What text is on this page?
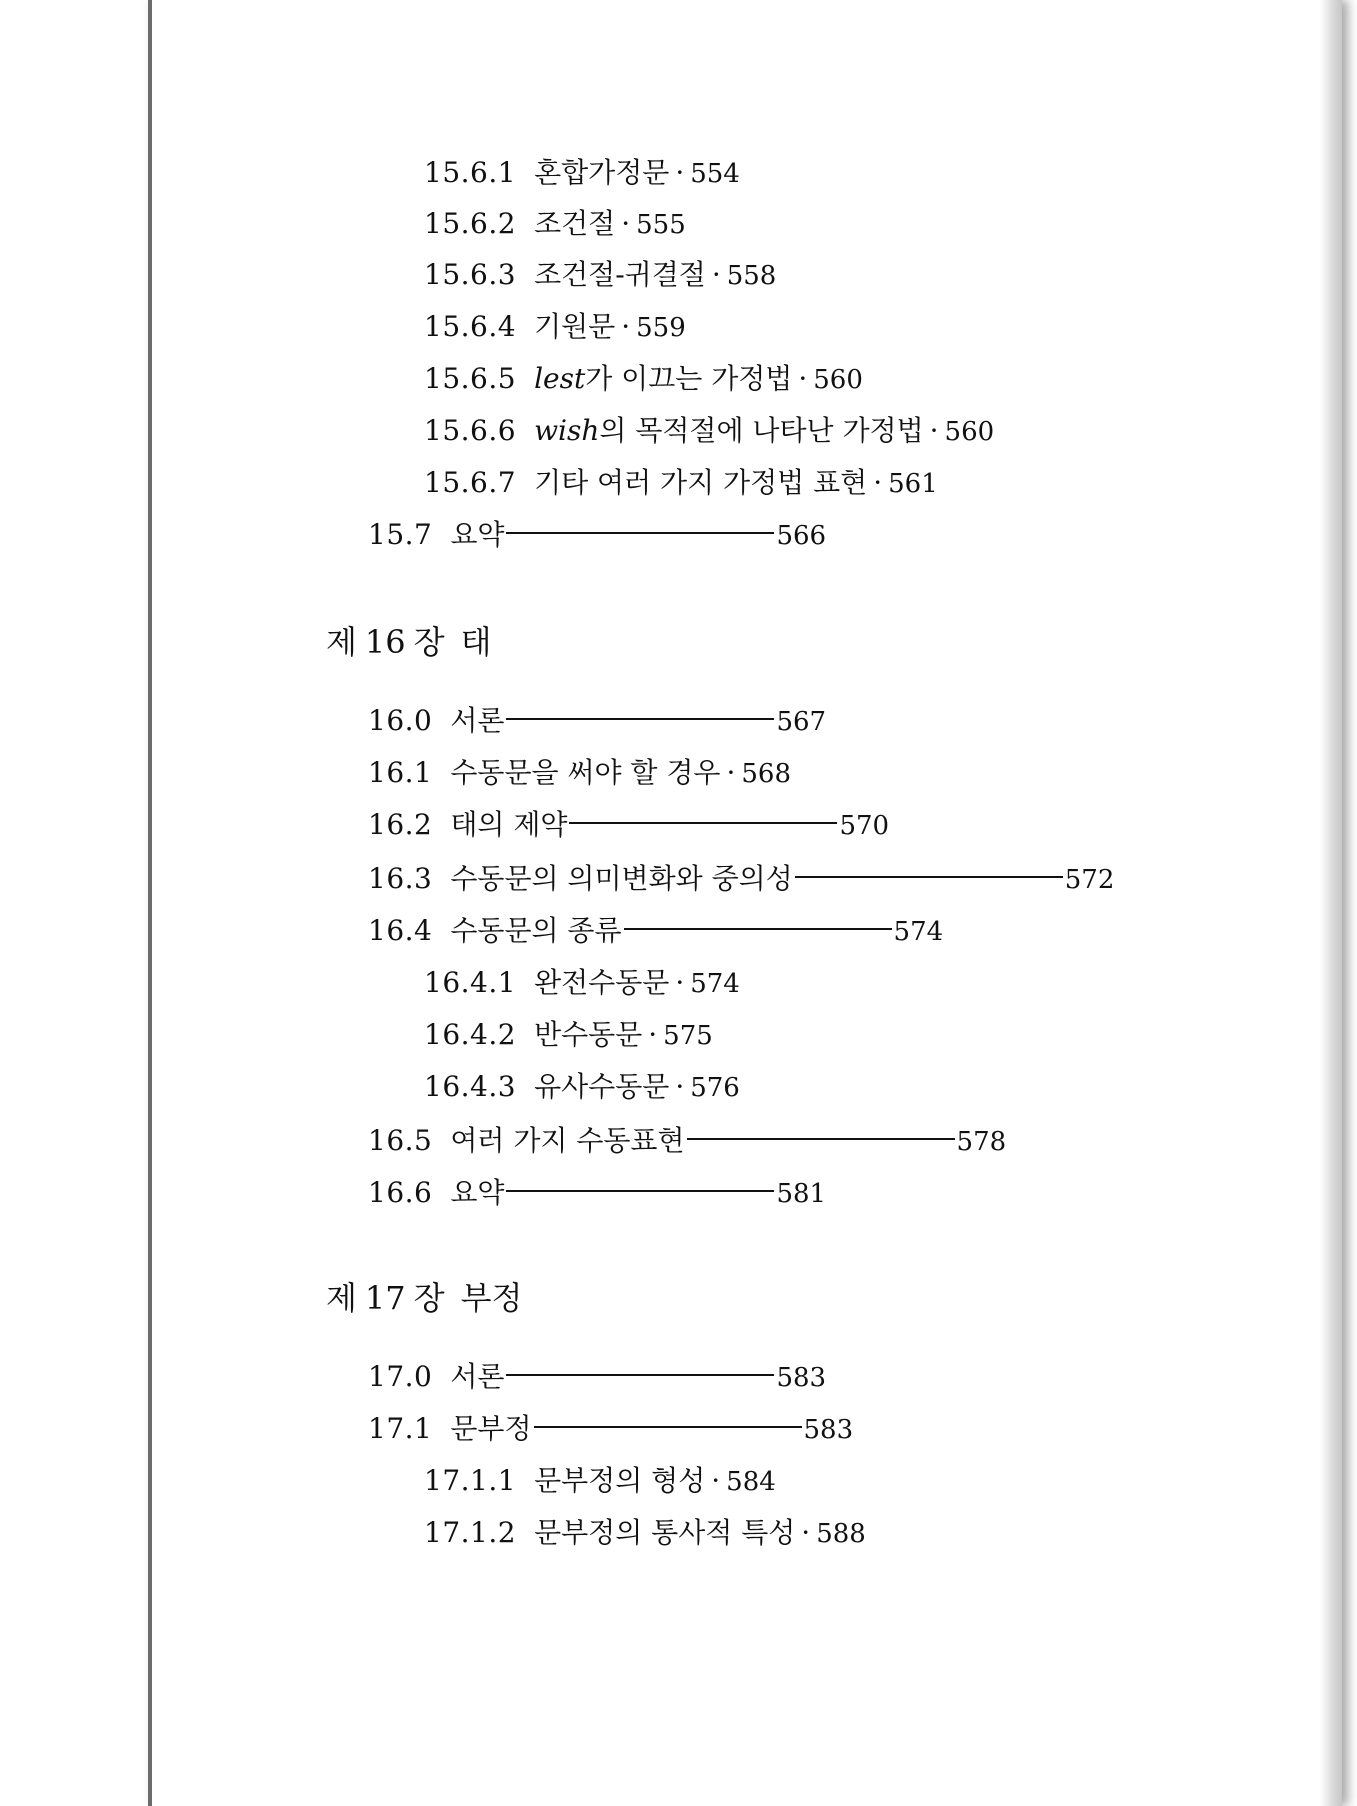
15.6.1 혼합가정문 · 554
15.6.2 조건절 · 555
15.6.3 조건절-귀결절 · 558
15.6.4 기원문 · 559
15.6.5 lest가 이끄는 가정법 · 560
15.6.6 wish의 목적절에 나타난 가정법 · 560
15.6.7 기타 여러 가지 가정법 표현 · 561
15.7 요약	566
제 16 장 태
16.0 서론	567
16.1 수동문을 써야 할 경우 · 568
16.2 태의 제약	570
16.3 수동문의 의미변화와 중의성	572
16.4 수동문의 종류	574
16.4.1 완전수동문 · 574
16.4.2 반수동문 · 575
16.4.3 유사수동문 · 576
16.5 여러 가지 수동표현	578
16.6 요약	581
제 17 장 부정
17.0 서론	583
17.1 문부정	583
17.1.1 문부정의 형성 · 584
17.1.2 문부정의 통사적 특성 · 588
